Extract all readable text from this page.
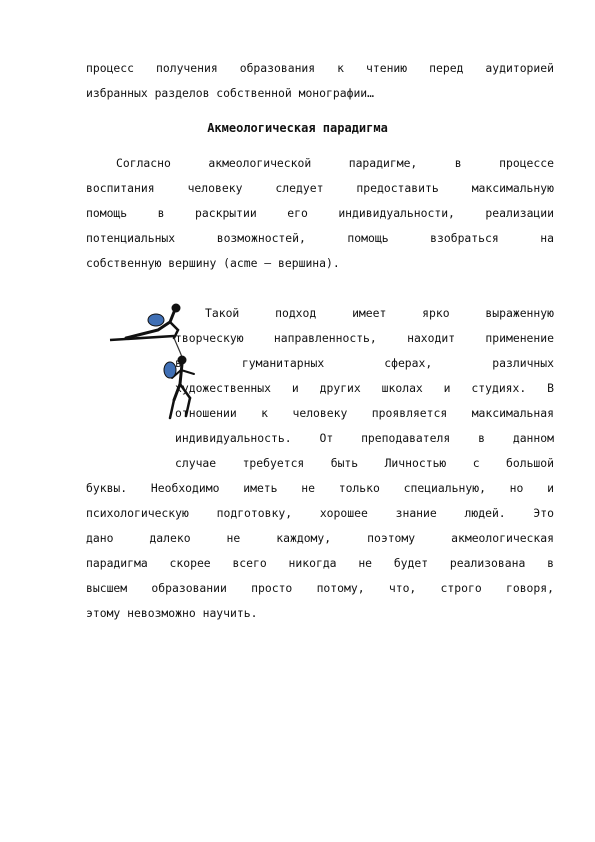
процесс получения образования к чтению перед аудиторией
избранных разделов собственной монографии…
Акмеологическая парадигма
Согласно акмеологической парадигме, в процессе
воспитания человеку следует предоставить максимальную
помощь в раскрытии его индивидуальности, реализации
потенциальных возможностей, помощь взобраться на
собственную вершину (acme – вершина).
Такой подход имеет ярко выраженную
творческую направленность, находит применение
в гуманитарных сферах, различных
художественных и других школах и студиях. В
отношении к человеку проявляется максимальная
индивидуальность. От преподавателя в данном
случае требуется быть Личностью с большой
буквы. Необходимо иметь не только специальную, но и
психологическую подготовку, хорошее знание людей. Это
дано далеко не каждому, поэтому акмеологическая
парадигма скорее всего никогда не будет реализована в
высшем образовании просто потому, что, строго говоря,
этому невозможно научить.
